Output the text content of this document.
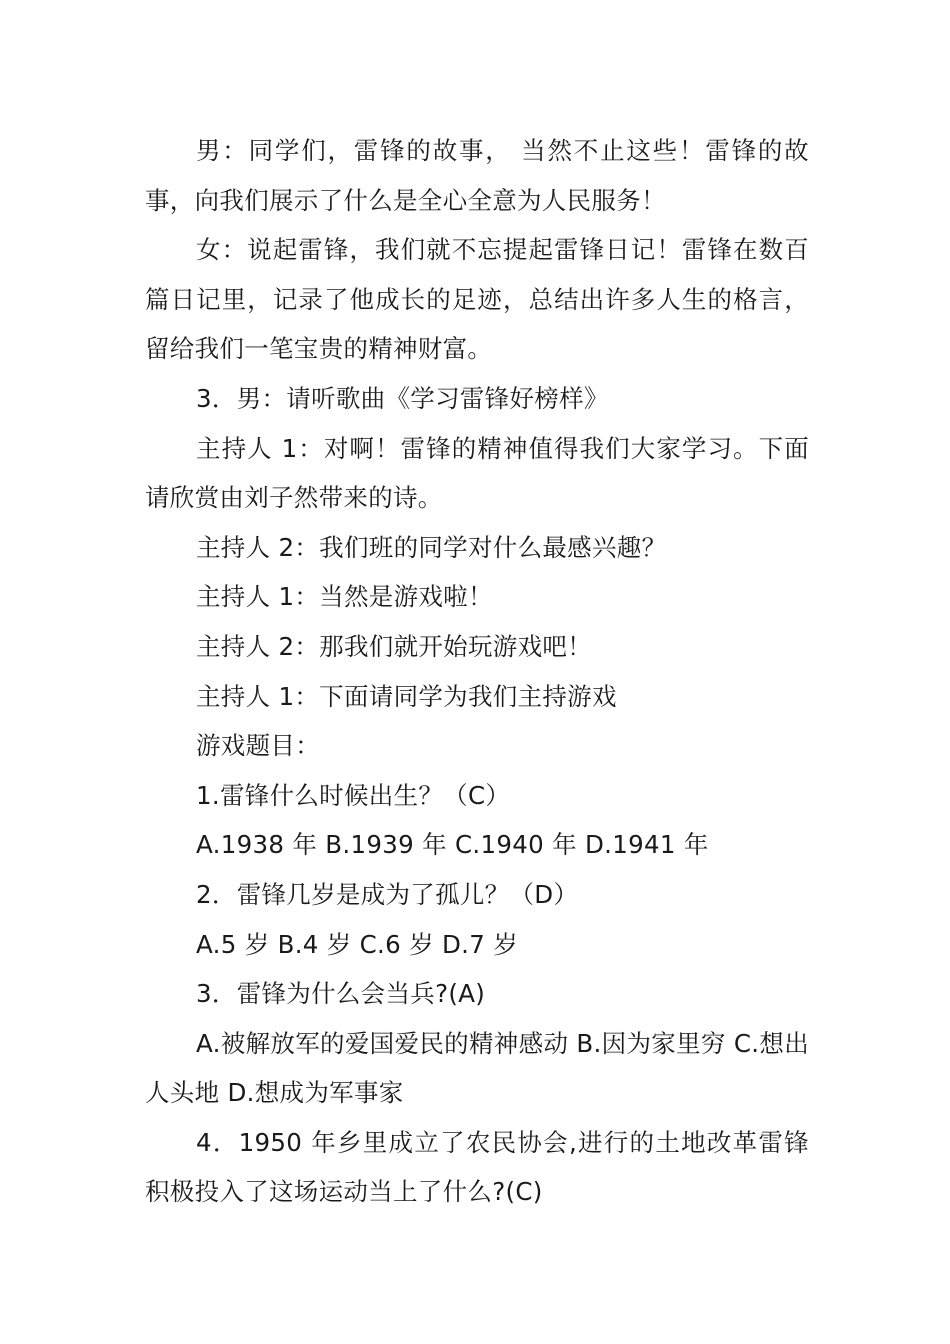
男：同学们，雷锋的故事， 当然不止这些！雷锋的故事，向我们展示了什么是全心全意为人民服务！

女：说起雷锋，我们就不忘提起雷锋日记！雷锋在数百篇日记里，记录了他成长的足迹，总结出许多人生的格言，留给我们一笔宝贵的精神财富。

3．男：请听歌曲《学习雷锋好榜样》

主持人 1：对啊！雷锋的精神值得我们大家学习。下面请欣赏由刘子然带来的诗。

主持人 2：我们班的同学对什么最感兴趣？

主持人 1：当然是游戏啦！

主持人 2：那我们就开始玩游戏吧！

主持人 1：下面请同学为我们主持游戏

游戏题目：

1.雷锋什么时候出生？（C）

A.1938 年 B.1939 年 C.1940 年 D.1941 年

2．雷锋几岁是成为了孤儿？（D）

A.5 岁 B.4 岁 C.6 岁 D.7 岁

3．雷锋为什么会当兵?(A)

A.被解放军的爱国爱民的精神感动 B.因为家里穷 C.想出人头地 D.想成为军事家

4．1950 年乡里成立了农民协会,进行的土地改革雷锋积极投入了这场运动当上了什么?(C)
